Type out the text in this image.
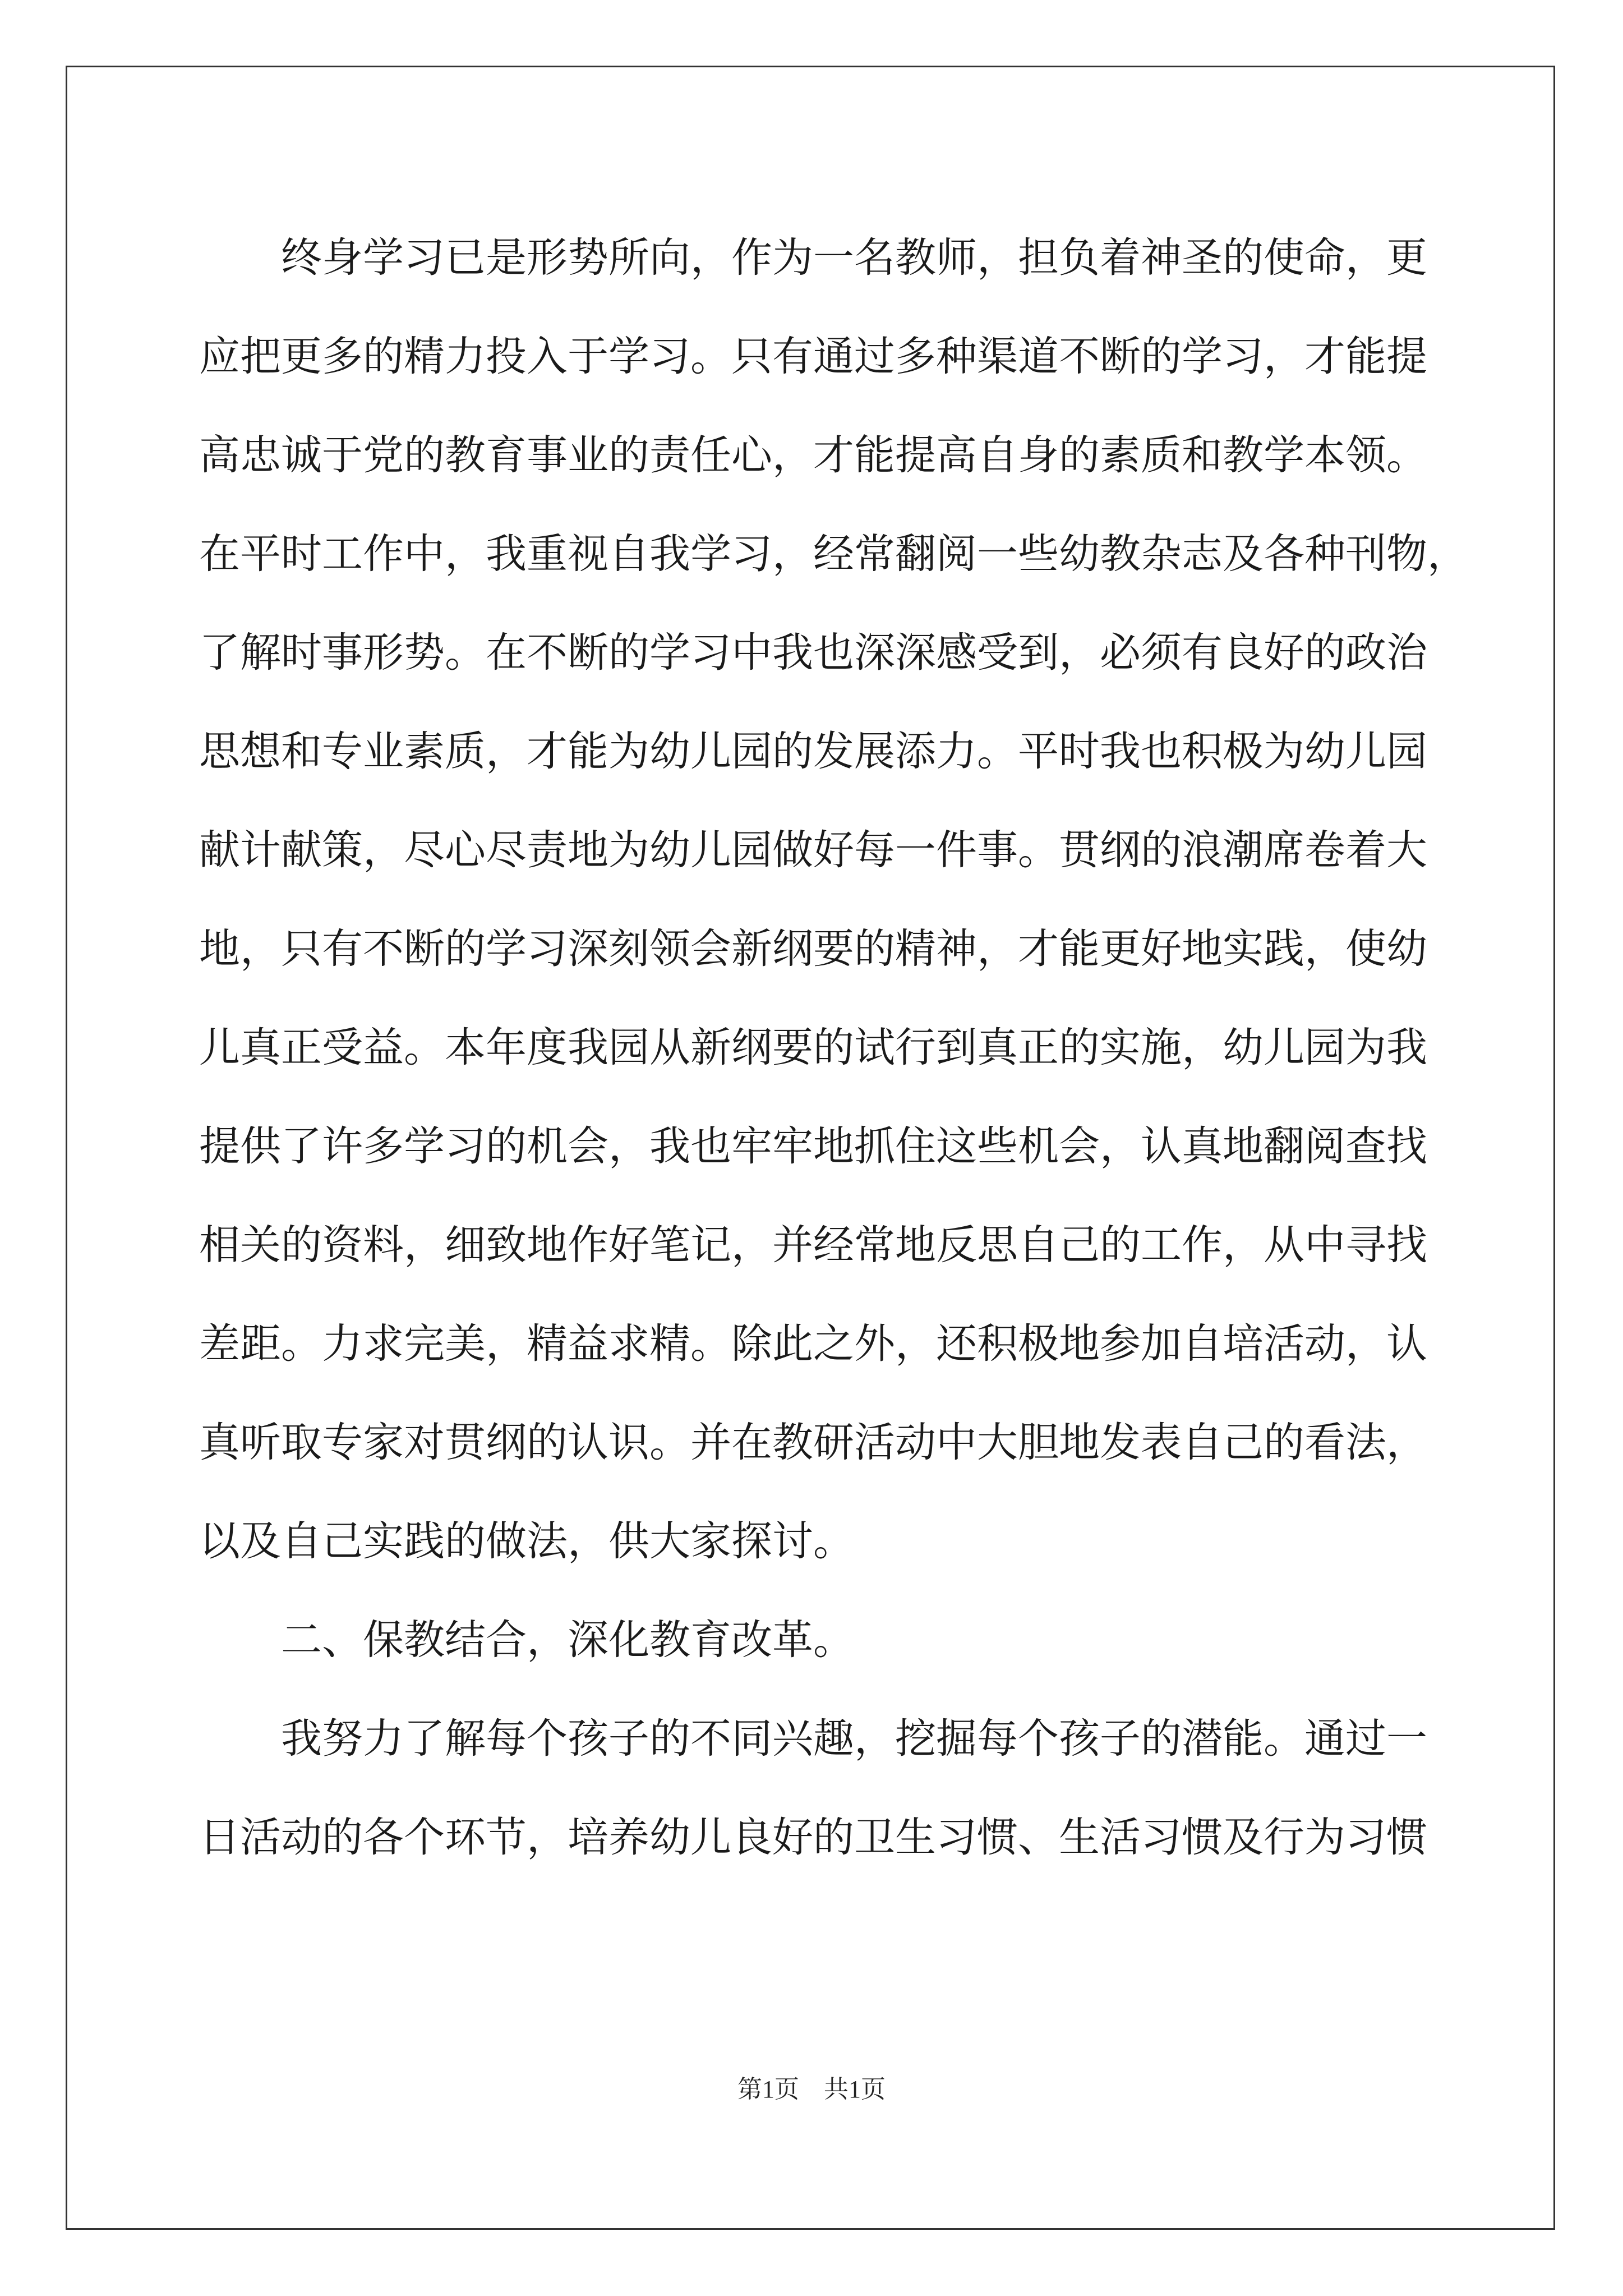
终身学习已是形势所向，作为一名教师，担负着神圣的使命，更
应把更多的精力投入于学习。只有通过多种渠道不断的学习，才能提
高忠诚于党的教育事业的责任心，才能提高自身的素质和教学本领。
在平时工作中，我重视自我学习，经常翻阅一些幼教杂志及各种刊物，
了解时事形势。在不断的学习中我也深深感受到，必须有良好的政治
思想和专业素质，才能为幼儿园的发展添力。平时我也积极为幼儿园
献计献策，尽心尽责地为幼儿园做好每一件事。贯纲的浪潮席卷着大
地，只有不断的学习深刻领会新纲要的精神，才能更好地实践，使幼
儿真正受益。本年度我园从新纲要的试行到真正的实施，幼儿园为我
提供了许多学习的机会，我也牢牢地抓住这些机会，认真地翻阅查找
相关的资料，细致地作好笔记，并经常地反思自己的工作，从中寻找
差距。力求完美，精益求精。除此之外，还积极地参加自培活动，认
真听取专家对贯纲的认识。并在教研活动中大胆地发表自己的看法，
以及自己实践的做法，供大家探讨。
二、保教结合，深化教育改革。
我努力了解每个孩子的不同兴趣，挖掘每个孩子的潜能。通过一
日活动的各个环节，培养幼儿良好的卫生习惯、生活习惯及行为习惯
第1页　共1页
